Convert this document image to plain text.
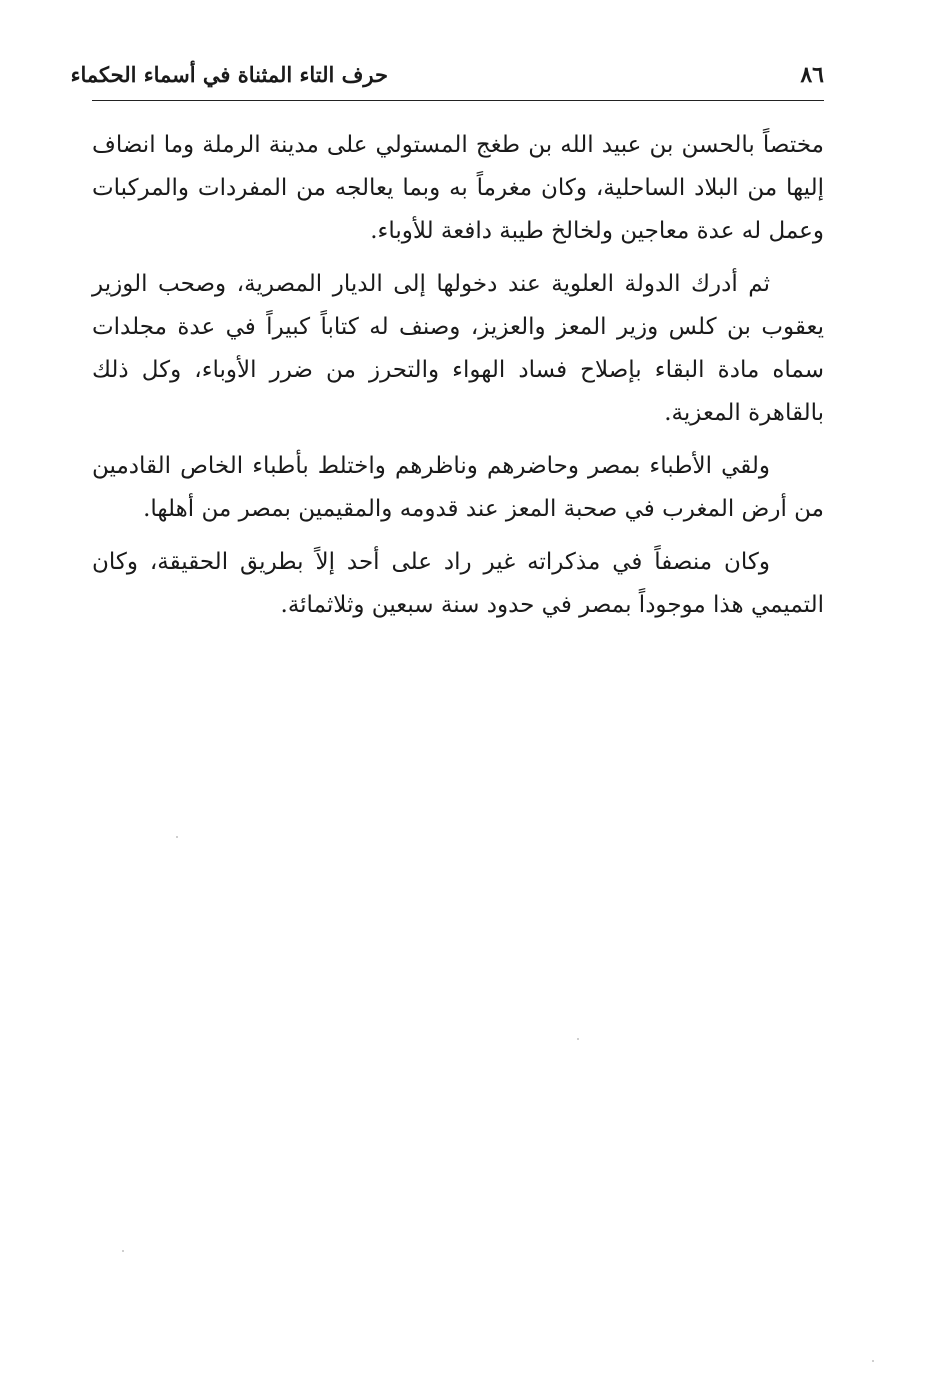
٨٦
حرف التاء المثناة في أسماء الحكماء

مختصاً بالحسن بن عبيد الله بن طغج المستولي على مدينة الرملة وما انضاف إليها من البلاد الساحلية، وكان مغرماً به وبما يعالجه من المفردات والمركبات وعمل له عدة معاجين ولخالخ طيبة دافعة للأوباء.

ثم أدرك الدولة العلوية عند دخولها إلى الديار المصرية، وصحب الوزير يعقوب بن كلس وزير المعز والعزيز، وصنف له كتاباً كبيراً في عدة مجلدات سماه مادة البقاء بإصلاح فساد الهواء والتحرز من ضرر الأوباء، وكل ذلك بالقاهرة المعزية.

ولقي الأطباء بمصر وحاضرهم وناظرهم واختلط بأطباء الخاص القادمين من أرض المغرب في صحبة المعز عند قدومه والمقيمين بمصر من أهلها.

وكان منصفاً في مذكراته غير راد على أحد إلاً بطريق الحقيقة، وكان التميمي هذا موجوداً بمصر في حدود سنة سبعين وثلاثمائة.
